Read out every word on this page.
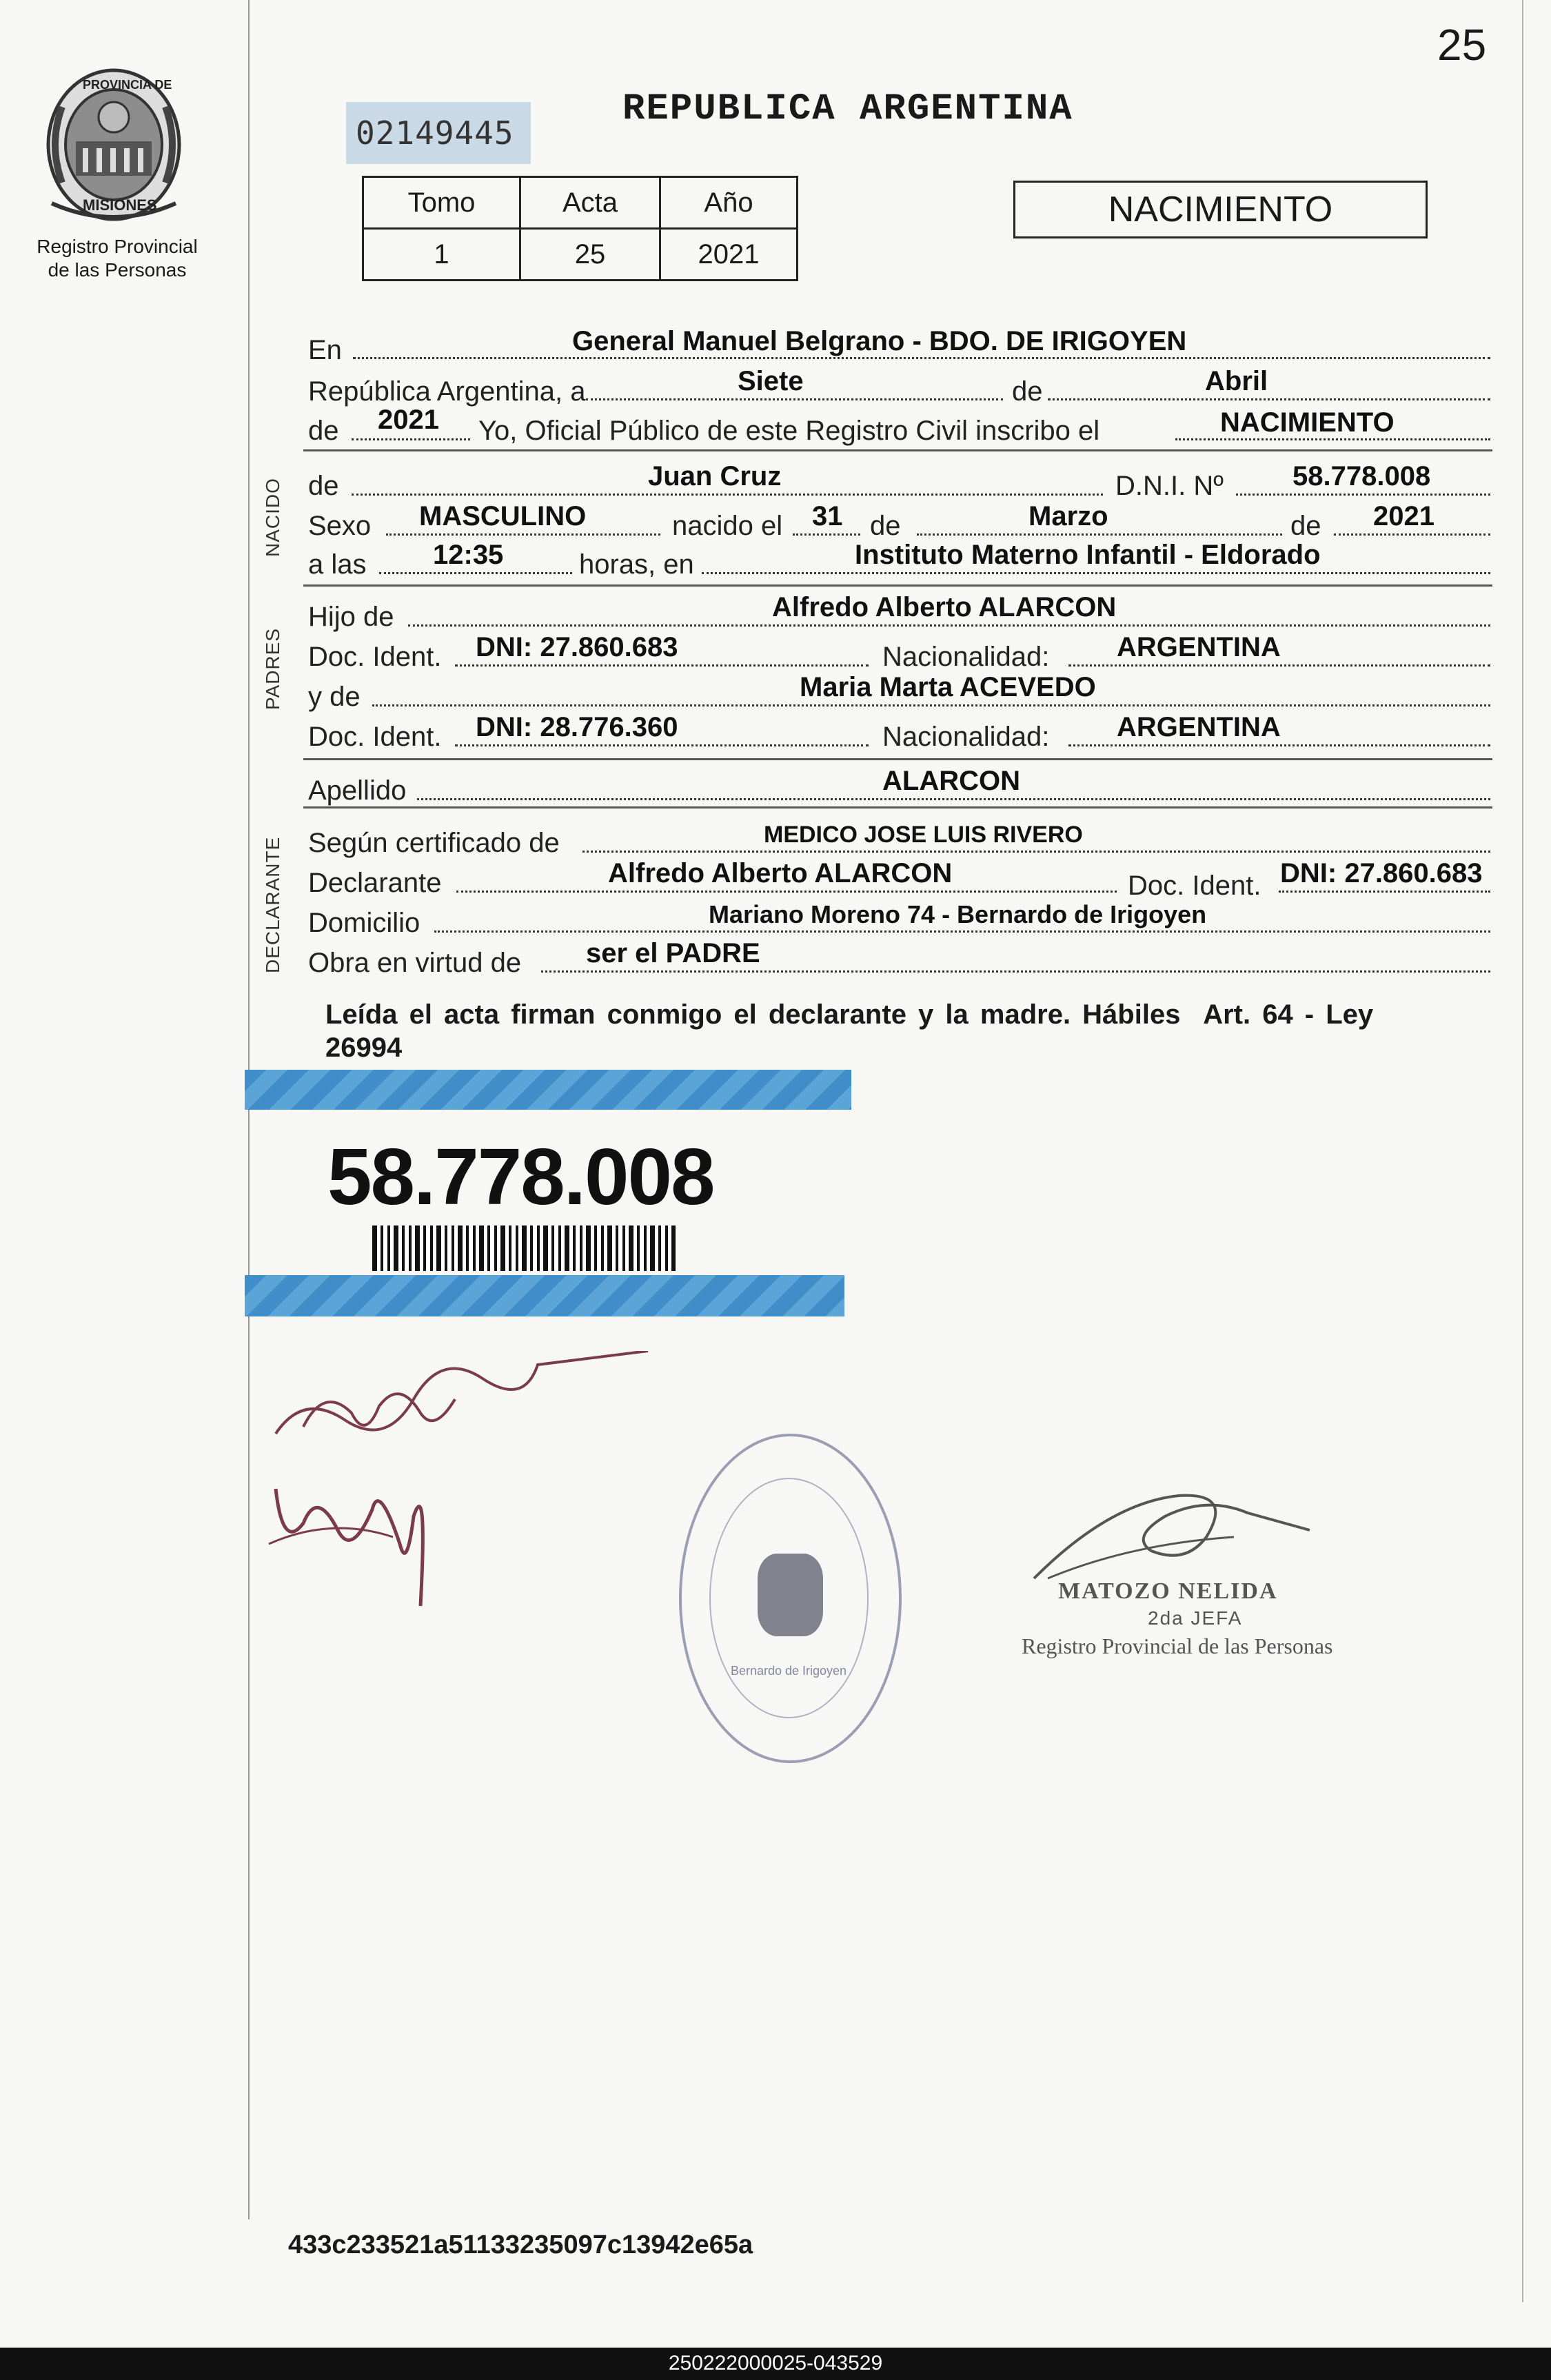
25
PROVINCIA DE
MISIONES
Registro Provincial
de las Personas
02149445
REPUBLICA ARGENTINA
Tomo	Acta	Año
1	25	2021
NACIMIENTO
NACIDO
PADRES
DECLARANTE
En	General Manuel Belgrano - BDO. DE IRIGOYEN
República Argentina, a	Siete	de	Abril
de 2021 Yo, Oficial Público de este Registro Civil inscribo el	NACIMIENTO
de	Juan Cruz	D.N.I. Nº	58.778.008
Sexo MASCULINO	nacido el 31 de	Marzo	de 2021
a las 12:35	horas, en	Instituto Materno Infantil - Eldorado
Hijo de	Alfredo Alberto ALARCON
Doc. Ident. DNI: 27.860.683	Nacionalidad: ARGENTINA
y de	Maria Marta ACEVEDO
Doc. Ident. DNI: 28.776.360	Nacionalidad: ARGENTINA
Apellido	ALARCON
Según certificado de	MEDICO JOSE LUIS RIVERO
Declarante	Alfredo Alberto ALARCON	Doc. Ident. DNI: 27.860.683
Domicilio	Mariano Moreno 74 - Bernardo de Irigoyen
Obra en virtud de ser el PADRE
Leída el acta firman conmigo el declarante y la madre. Hábiles  Art. 64 - Ley
26994
58.778.008
Bernardo de Irigoyen
MATOZO NELIDA
2da JEFA
Registro Provincial de las Personas
433c233521a51133235097c13942e65a
250222000025-043529
